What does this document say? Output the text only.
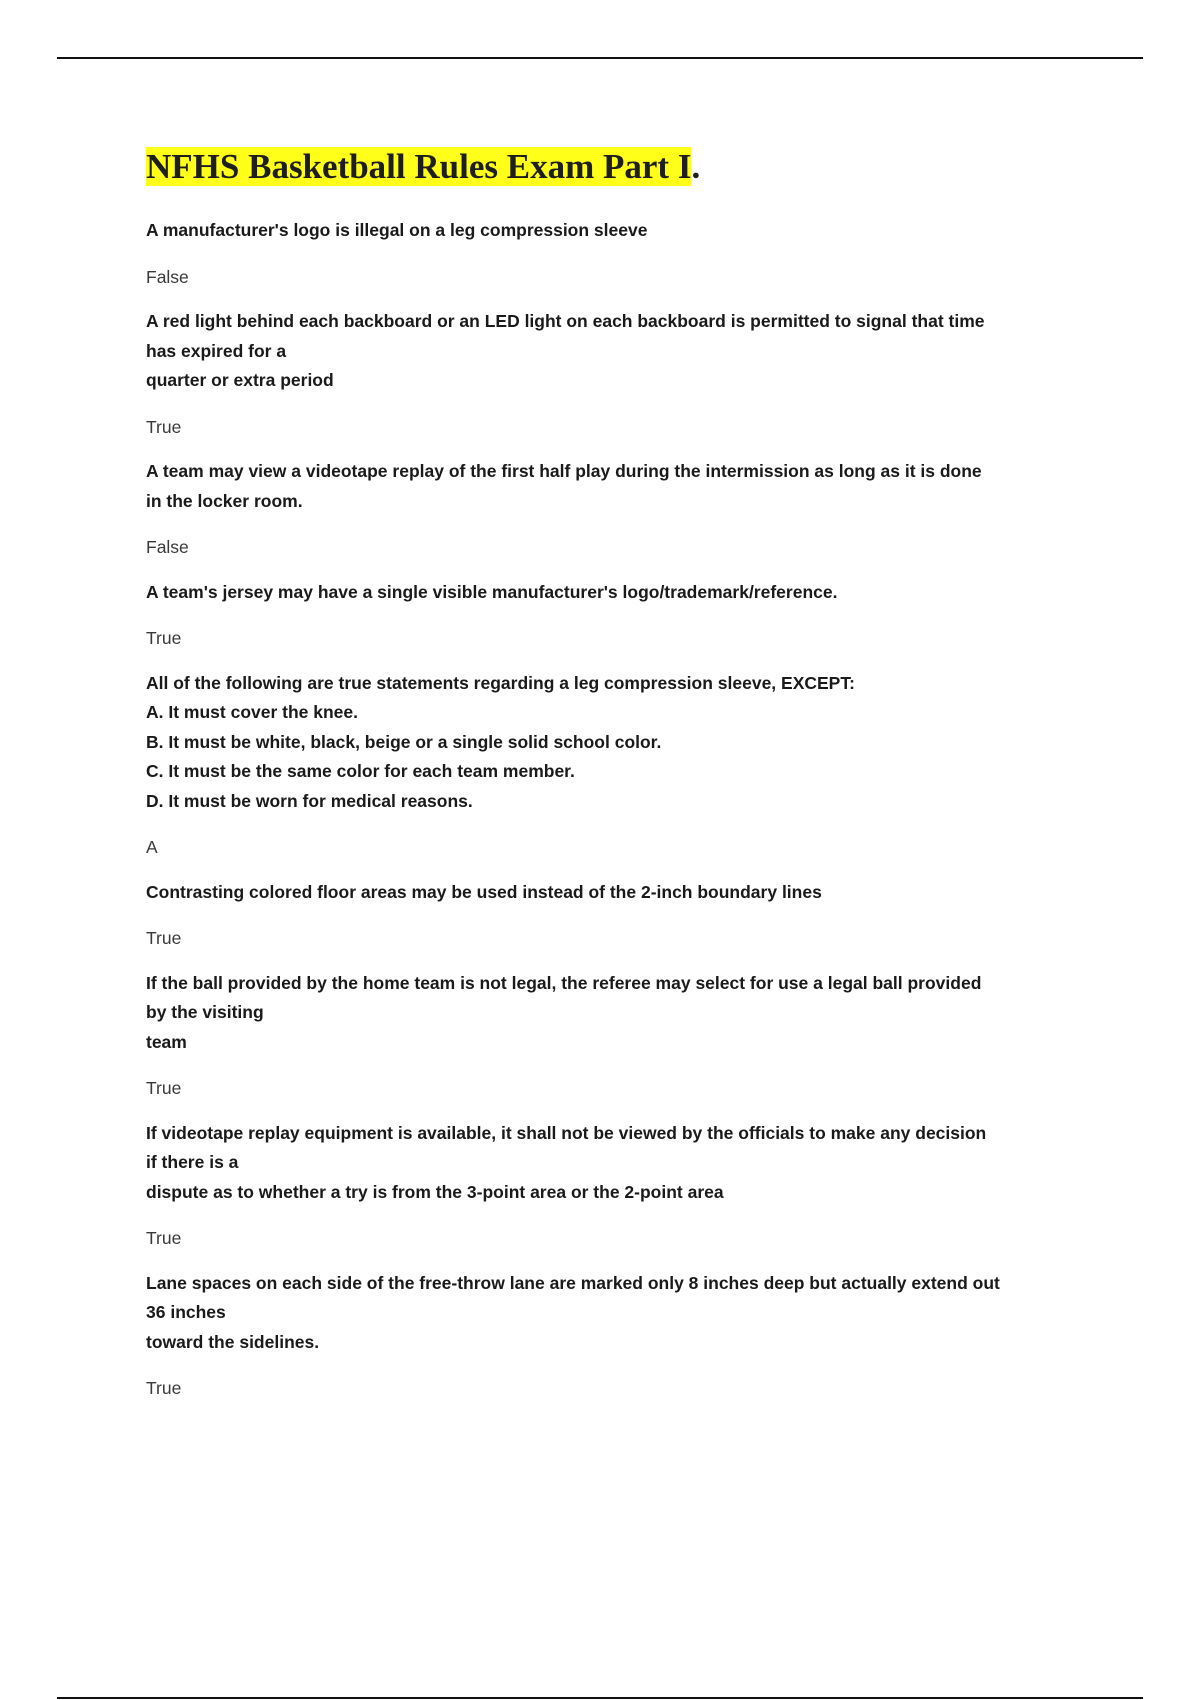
NFHS Basketball Rules Exam Part I.
A manufacturer's logo is illegal on a leg compression sleeve
False
A red light behind each backboard or an LED light on each backboard is permitted to signal that time
has expired for a
quarter or extra period
True
A team may view a videotape replay of the first half play during the intermission as long as it is done
in the locker room.
False
A team's jersey may have a single visible manufacturer's logo/trademark/reference.
True
All of the following are true statements regarding a leg compression sleeve, EXCEPT:
A. It must cover the knee.
B. It must be white, black, beige or a single solid school color.
C. It must be the same color for each team member.
D. It must be worn for medical reasons.
A
Contrasting colored floor areas may be used instead of the 2-inch boundary lines
True
If the ball provided by the home team is not legal, the referee may select for use a legal ball provided
by the visiting
team
True
If videotape replay equipment is available, it shall not be viewed by the officials to make any decision
if there is a
dispute as to whether a try is from the 3-point area or the 2-point area
True
Lane spaces on each side of the free-throw lane are marked only 8 inches deep but actually extend out
36 inches
toward the sidelines.
True
